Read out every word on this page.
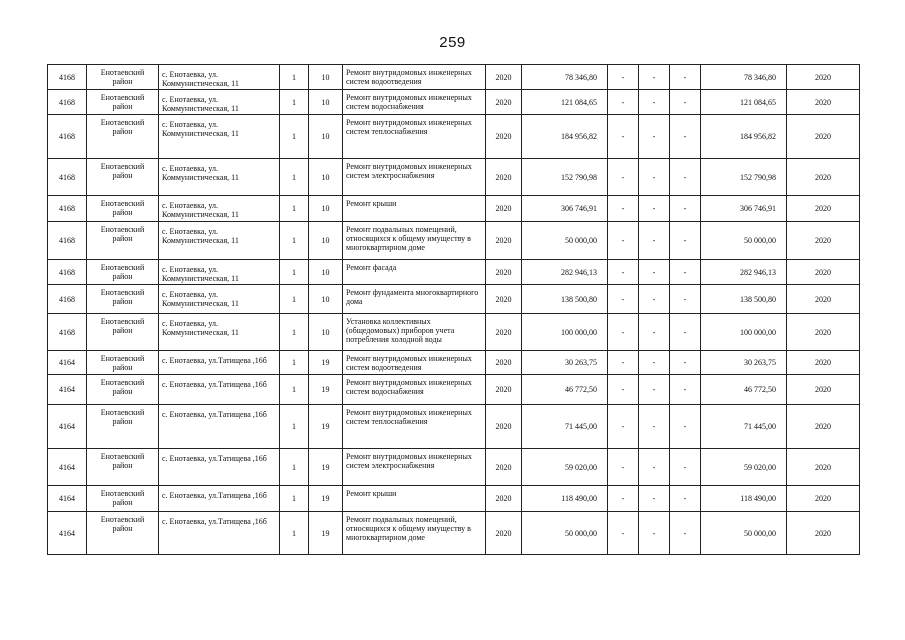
259
4168	Енотаевский район	с. Енотаевка, ул. Коммунистическая, 11	1	10	Ремонт внутридомовых инженерных систем водоотведения	2020	78 346,80	-	-	-	78 346,80	2020
4168	Енотаевский район	с. Енотаевка, ул. Коммунистическая, 11	1	10	Ремонт внутридомовых инженерных систем водоснабжения	2020	121 084,65	-	-	-	121 084,65	2020
4168	Енотаевский район	с. Енотаевка, ул. Коммунистическая, 11	1	10	Ремонт внутридомовых инженерных систем теплоснабжения	2020	184 956,82	-	-	-	184 956,82	2020
4168	Енотаевский район	с. Енотаевка, ул. Коммунистическая, 11	1	10	Ремонт внутридомовых инженерных систем электроснабжения	2020	152 790,98	-	-	-	152 790,98	2020
4168	Енотаевский район	с. Енотаевка, ул. Коммунистическая, 11	1	10	Ремонт крыши	2020	306 746,91	-	-	-	306 746,91	2020
4168	Енотаевский район	с. Енотаевка, ул. Коммунистическая, 11	1	10	Ремонт подвальных помещений, относящихся к общему имуществу в многоквартирном доме	2020	50 000,00	-	-	-	50 000,00	2020
4168	Енотаевский район	с. Енотаевка, ул. Коммунистическая, 11	1	10	Ремонт фасада	2020	282 946,13	-	-	-	282 946,13	2020
4168	Енотаевский район	с. Енотаевка, ул. Коммунистическая, 11	1	10	Ремонт фундамента многоквартирного дома	2020	138 500,80	-	-	-	138 500,80	2020
4168	Енотаевский район	с. Енотаевка, ул. Коммунистическая, 11	1	10	Установка коллективных (общедомовых) приборов учета потребления холодной воды	2020	100 000,00	-	-	-	100 000,00	2020
4164	Енотаевский район	с. Енотаевка, ул.Татищева ,16б	1	19	Ремонт внутридомовых инженерных систем водоотведения	2020	30 263,75	-	-	-	30 263,75	2020
4164	Енотаевский район	с. Енотаевка, ул.Татищева ,16б	1	19	Ремонт внутридомовых инженерных систем водоснабжения	2020	46 772,50	-	-	-	46 772,50	2020
4164	Енотаевский район	с. Енотаевка, ул.Татищева ,16б	1	19	Ремонт внутридомовых инженерных систем теплоснабжения	2020	71 445,00	-	-	-	71 445,00	2020
4164	Енотаевский район	с. Енотаевка, ул.Татищева ,16б	1	19	Ремонт внутридомовых инженерных систем электроснабжения	2020	59 020,00	-	-	-	59 020,00	2020
4164	Енотаевский район	с. Енотаевка, ул.Татищева ,16б	1	19	Ремонт крыши	2020	118 490,00	-	-	-	118 490,00	2020
4164	Енотаевский район	с. Енотаевка, ул.Татищева ,16б	1	19	Ремонт подвальных помещений, относящихся к общему имуществу в многоквартирном доме	2020	50 000,00	-	-	-	50 000,00	2020
